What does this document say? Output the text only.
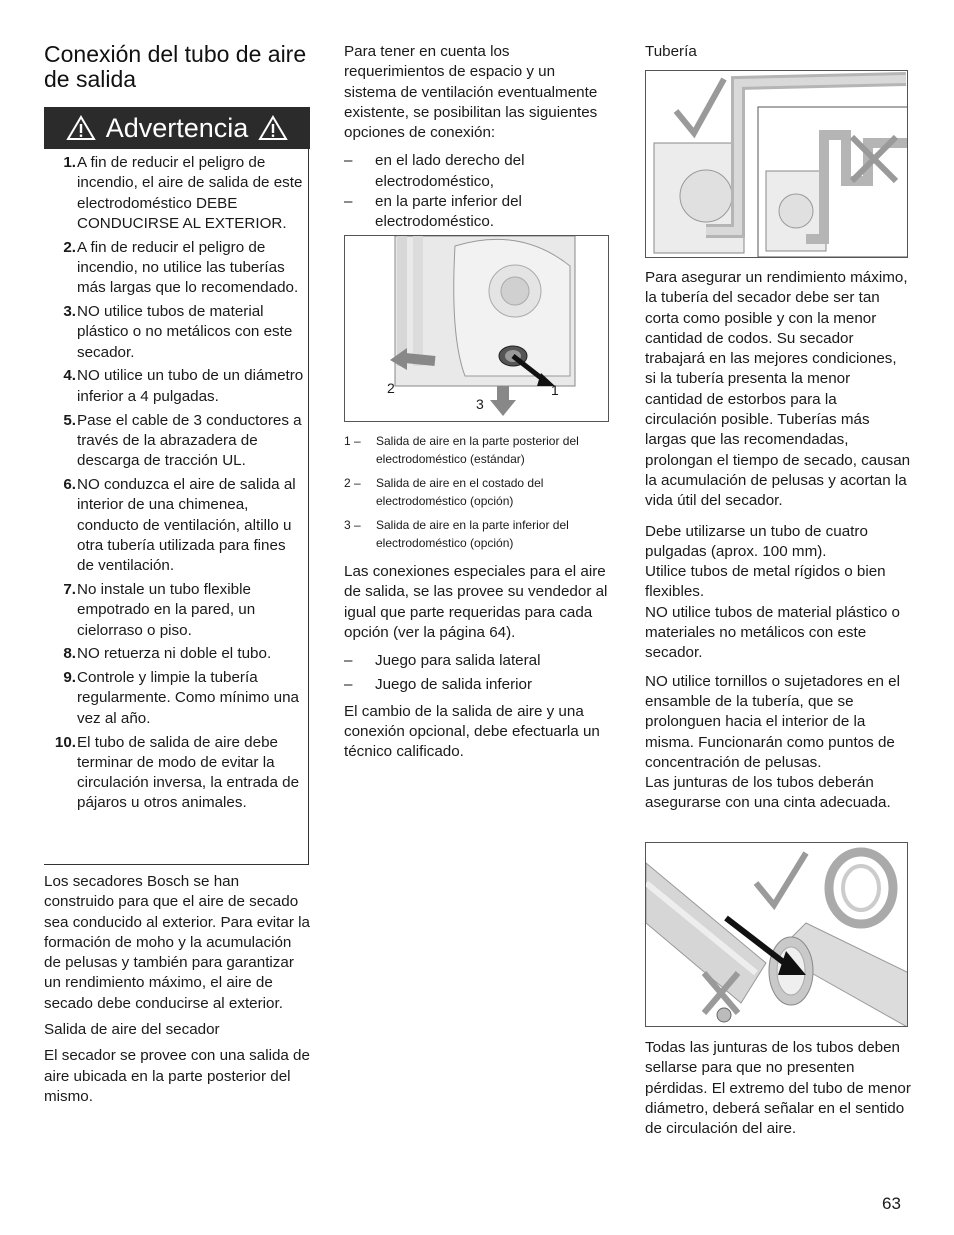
Conexión del tubo de aire de salida
Advertencia
1. A fin de reducir el peligro de incendio, el aire de salida de este electrodoméstico DEBE CONDUCIRSE AL EXTERIOR.
2. A fin de reducir el peligro de incendio, no utilice las tuberías más largas que lo recomendado.
3. NO utilice tubos de material plástico o no metálicos con este secador.
4. NO utilice un tubo de un diámetro inferior a 4 pulgadas.
5. Pase el cable de 3 conductores a través de la abrazadera de descarga de tracción UL.
6. NO conduzca el aire de salida al interior de una chimenea, conducto de ventilación, altillo u otra tubería utilizada para fines de ventilación.
7. No instale un tubo flexible empotrado en la pared, un cielorraso o piso.
8. NO retuerza ni doble el tubo.
9. Controle y limpie la tubería regularmente. Como mínimo una vez al año.
10. El tubo de salida de aire debe terminar de modo de evitar la circulación inversa, la entrada de pájaros u otros animales.

Los secadores Bosch se han construido para que el aire de secado sea conducido al exterior. Para evitar la formación de moho y la acumulación de pelusas y también para garantizar un rendimiento máximo, el aire de secado debe conducirse al exterior.

Salida de aire del secador

El secador se provee con una salida de aire ubicada en la parte posterior del mismo.

Para tener en cuenta los requerimientos de espacio y un sistema de ventilación eventualmente existente, se posibilitan las siguientes opciones de conexión:

– en el lado derecho del electrodoméstico,
– en la parte inferior del electrodoméstico.
2	1
3
1 – Salida de aire en la parte posterior del electrodoméstico (estándar)
2 – Salida de aire en el costado del electrodoméstico (opción)
3 – Salida de aire en la parte inferior del electrodoméstico (opción)

Las conexiones especiales para el aire de salida, se las provee su vendedor al igual que parte requeridas para cada opción (ver la página 64).

– Juego para salida lateral
– Juego de salida inferior

El cambio de la salida de aire y una conexión opcional, debe efectuarla un técnico calificado.

Tubería

Para asegurar un rendimiento máximo, la tubería del secador debe ser tan corta como posible y con la menor cantidad de codos. Su secador trabajará en las mejores condiciones, si la tubería presenta la menor cantidad de estorbos para la circulación posible. Tuberías más largas que las recomendadas, prolongan el tiempo de secado, causan la acumulación de pelusas y acortan la vida útil del secador.

Debe utilizarse un tubo de cuatro pulgadas (aprox. 100 mm).

Utilice tubos de metal rígidos o bien flexibles.

NO utilice tubos de material plástico o materiales no metálicos con este secador.

NO utilice tornillos o sujetadores en el ensamble de la tubería, que se prolonguen hacia el interior de la misma. Funcionarán como puntos de concentración de pelusas.

Las junturas de los tubos deberán asegurarse con una cinta adecuada.

Todas las junturas de los tubos deben sellarse para que no presenten pérdidas. El extremo del tubo de menor diámetro, deberá señalar en el sentido de circulación del aire.

63
